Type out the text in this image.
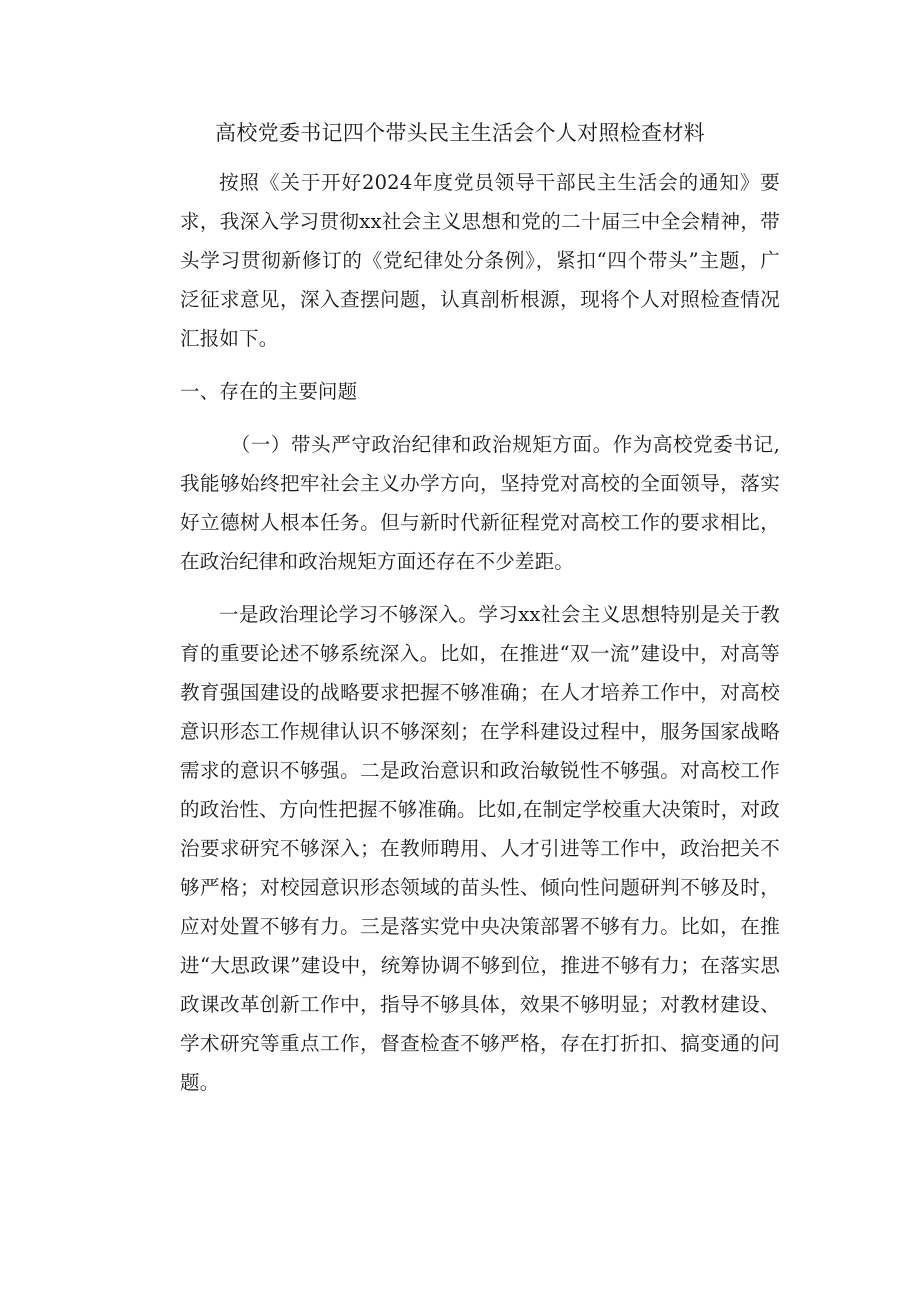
高校党委书记四个带头民主生活会个人对照检查材料

按照《关于开好2024年度党员领导干部民主生活会的通知》要求，我深入学习贯彻xx社会主义思想和党的二十届三中全会精神，带头学习贯彻新修订的《党纪律处分条例》，紧扣“四个带头”主题，广泛征求意见，深入查摆问题，认真剖析根源，现将个人对照检查情况汇报如下。

一、存在的主要问题

（一）带头严守政治纪律和政治规矩方面。作为高校党委书记,我能够始终把牢社会主义办学方向，坚持党对高校的全面领导，落实好立德树人根本任务。但与新时代新征程党对高校工作的要求相比，在政治纪律和政治规矩方面还存在不少差距。

一是政治理论学习不够深入。学习xx社会主义思想特别是关于教育的重要论述不够系统深入。比如，在推进“双一流”建设中，对高等教育强国建设的战略要求把握不够准确；在人才培养工作中，对高校意识形态工作规律认识不够深刻；在学科建设过程中，服务国家战略需求的意识不够强。二是政治意识和政治敏锐性不够强。对高校工作的政治性、方向性把握不够准确。比如,在制定学校重大决策时，对政治要求研究不够深入；在教师聘用、人才引进等工作中，政治把关不够严格；对校园意识形态领域的苗头性、倾向性问题研判不够及时，应对处置不够有力。三是落实党中央决策部署不够有力。比如，在推进“大思政课”建设中，统筹协调不够到位，推进不够有力；在落实思政课改革创新工作中，指导不够具体，效果不够明显；对教材建设、学术研究等重点工作，督查检查不够严格，存在打折扣、搞变通的问题。
